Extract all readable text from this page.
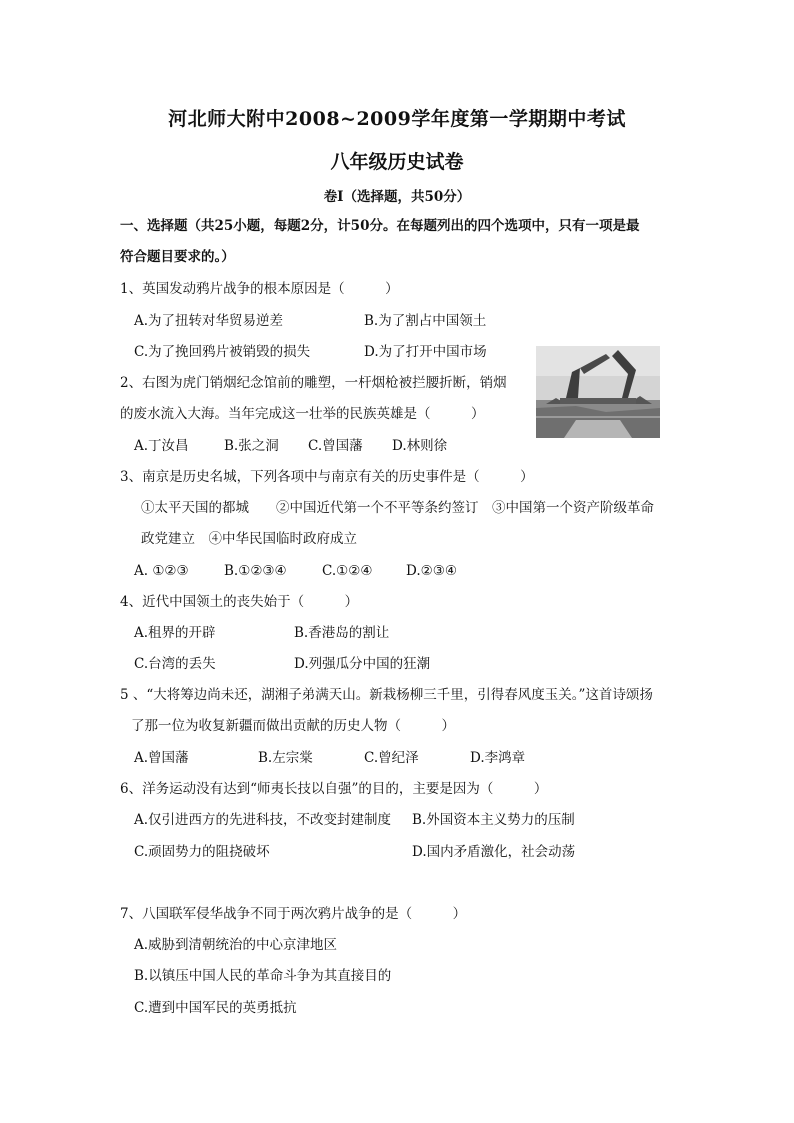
河北师大附中2008~2009学年度第一学期期中考试
八年级历史试卷
卷Ⅰ（选择题，共50分）
一、选择题（共25小题，每题2分，计50分。在每题列出的四个选项中，只有一项是最
符合题目要求的。）
1、英国发动鸦片战争的根本原因是（　　　）
A.为了扭转对华贸易逆差	B.为了割占中国领土
C.为了挽回鸦片被销毁的损失	D.为了打开中国市场
2、右图为虎门销烟纪念馆前的雕塑，一杆烟枪被拦腰折断，销烟
的废水流入大海。当年完成这一壮举的民族英雄是（　　　）
A.丁汝昌	B.张之洞 C.曾国藩 D.林则徐
3、南京是历史名城，下列各项中与南京有关的历史事件是（　　　）
①太平天国的都城　　②中国近代第一个不平等条约签订　③中国第一个资产阶级革命
政党建立　④中华民国临时政府成立
A. ①②③	B.①②③④	C.①②④ D.②③④
4、近代中国领土的丧失始于（　　　）
A.租界的开辟	B.香港岛的割让
C.台湾的丢失	D.列强瓜分中国的狂潮
5 、“大将筹边尚未还，湖湘子弟满天山。新栽杨柳三千里，引得春风度玉关。”这首诗颂扬
了那一位为收复新疆而做出贡献的历史人物（　　　）
A.曾国藩	B.左宗棠	C.曾纪泽	D.李鸿章
6、洋务运动没有达到“师夷长技以自强”的目的，主要是因为（　　　）
A.仅引进西方的先进科技，不改变封建制度 B.外国资本主义势力的压制
C.顽固势力的阻挠破坏	D.国内矛盾激化，社会动荡
7、八国联军侵华战争不同于两次鸦片战争的是（　　　）
A.威胁到清朝统治的中心京津地区
B.以镇压中国人民的革命斗争为其直接目的
C.遭到中国军民的英勇抵抗
